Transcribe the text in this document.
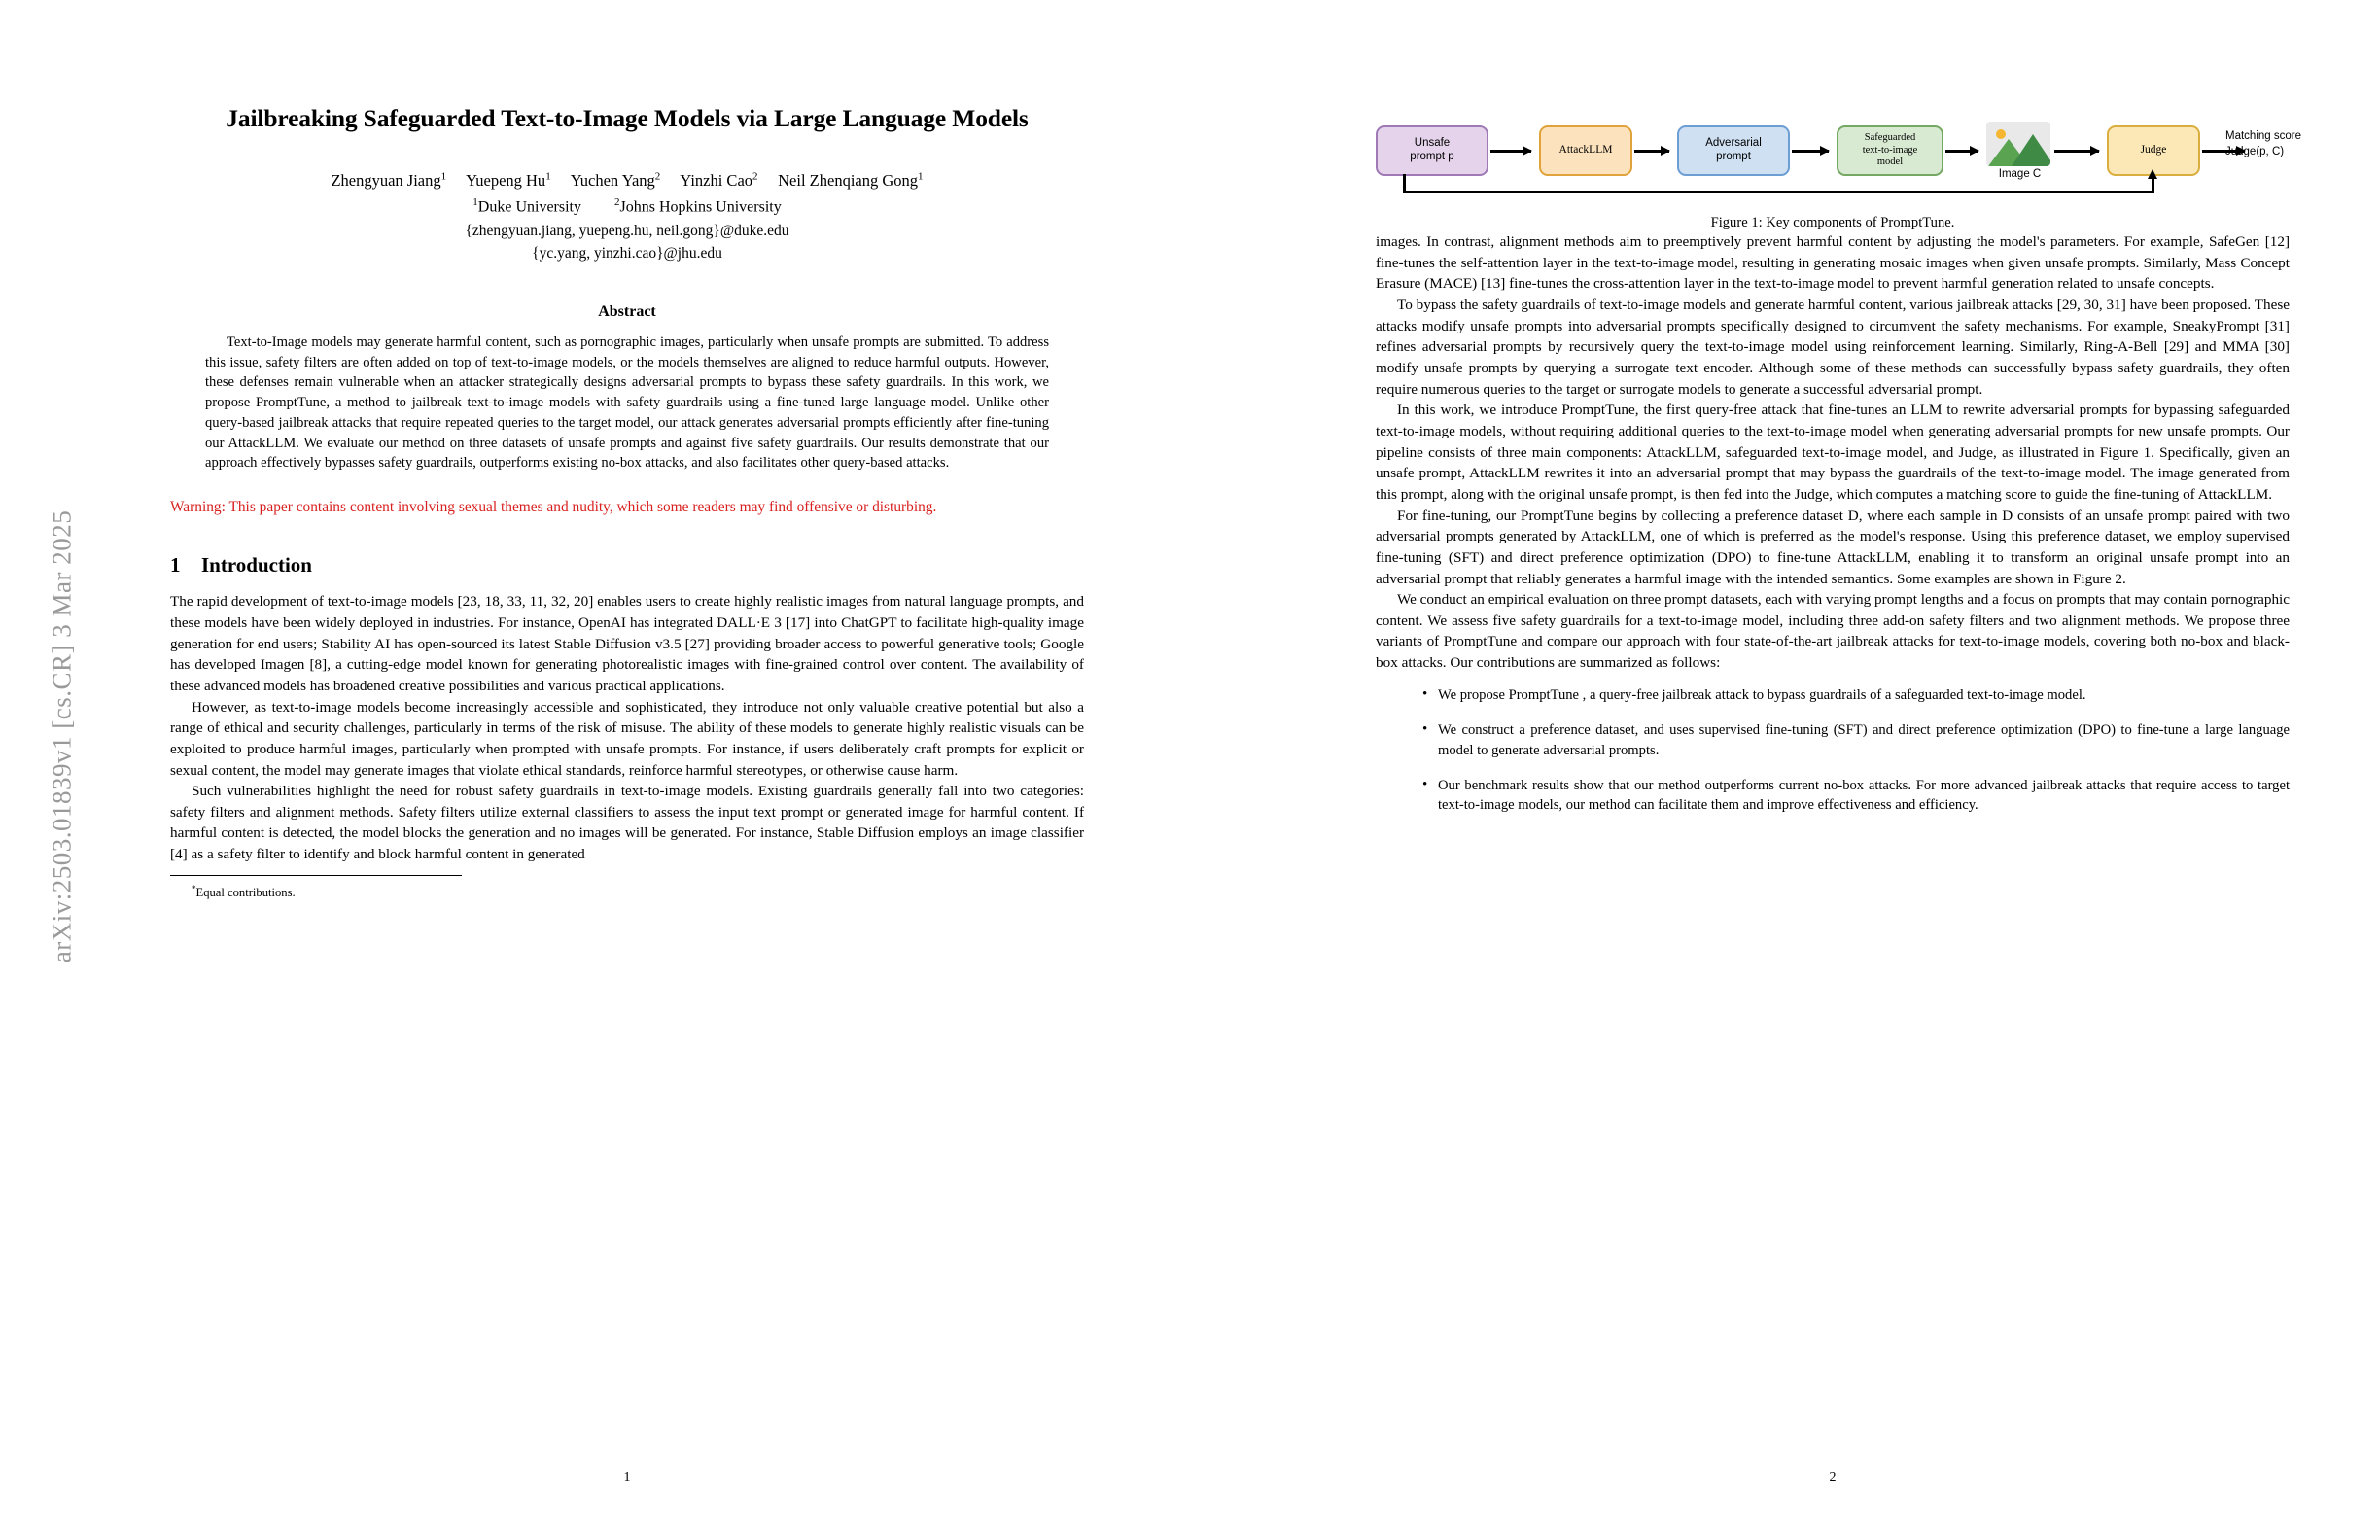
arXiv:2503.01839v1 [cs.CR] 3 Mar 2025
Jailbreaking Safeguarded Text-to-Image Models via Large Language Models
Zhengyuan Jiang$^1$ Yuepeng Hu$^1$ Yuchen Yang$^2$ Yinzhi Cao$^2$ Neil Zhenqiang Gong$^1$
$^1$Duke University	$^2$Johns Hopkins University
{zhengyuan.jiang, yuepeng.hu, neil.gong}@duke.edu
{yc.yang, yinzhi.cao}@jhu.edu
Abstract
Text-to-Image models may generate harmful content, such as pornographic images, particularly when unsafe prompts are submitted. To address this issue, safety filters are often added on top of text-to-image models, or the models themselves are aligned to reduce harmful outputs. However, these defenses remain vulnerable when an attacker strategically designs adversarial prompts to bypass these safety guardrails. In this work, we propose PromptTune, a method to jailbreak text-to-image models with safety guardrails using a fine-tuned large language model. Unlike other query-based jailbreak attacks that require repeated queries to the target model, our attack generates adversarial prompts efficiently after fine-tuning our AttackLLM. We evaluate our method on three datasets of unsafe prompts and against five safety guardrails. Our results demonstrate that our approach effectively bypasses safety guardrails, outperforms existing no-box attacks, and also facilitates other query-based attacks.
Warning: This paper contains content involving sexual themes and nudity, which some readers may find offensive or disturbing.
1 Introduction

The rapid development of text-to-image models [23, 18, 33, 11, 32, 20] enables users to create highly realistic images from natural language prompts, and these models have been widely deployed in industries. For instance, OpenAI has integrated DALL·E 3 [17] into ChatGPT to facilitate high-quality image generation for end users; Stability AI has open-sourced its latest Stable Diffusion v3.5 [27] providing broader access to powerful generative tools; Google has developed Imagen [8], a cutting-edge model known for generating photorealistic images with fine-grained control over content. The availability of these advanced models has broadened creative possibilities and various practical applications.

However, as text-to-image models become increasingly accessible and sophisticated, they introduce not only valuable creative potential but also a range of ethical and security challenges, particularly in terms of the risk of misuse. The ability of these models to generate highly realistic visuals can be exploited to produce harmful images, particularly when prompted with unsafe prompts. For instance, if users deliberately craft prompts for explicit or sexual content, the model may generate images that violate ethical standards, reinforce harmful stereotypes, or otherwise cause harm.

Such vulnerabilities highlight the need for robust safety guardrails in text-to-image models. Existing guardrails generally fall into two categories: safety filters and alignment methods. Safety filters utilize external classifiers to assess the input text prompt or generated image for harmful content. If harmful content is detected, the model blocks the generation and no images will be generated. For instance, Stable Diffusion employs an image classifier [4] as a safety filter to identify and block harmful content in generated

*Equal contributions.
1
Unsafe
prompt p
AttackLLM
Adversarial
prompt
Safeguarded
text-to-image
model
Image C
Judge
Matching score
Judge(p, C)
Figure 1: Key components of PromptTune.

images. In contrast, alignment methods aim to preemptively prevent harmful content by adjusting the model's parameters. For example, SafeGen [12] fine-tunes the self-attention layer in the text-to-image model, resulting in generating mosaic images when given unsafe prompts. Similarly, Mass Concept Erasure (MACE) [13] fine-tunes the cross-attention layer in the text-to-image model to prevent harmful generation related to unsafe concepts.

To bypass the safety guardrails of text-to-image models and generate harmful content, various jailbreak attacks [29, 30, 31] have been proposed. These attacks modify unsafe prompts into adversarial prompts specifically designed to circumvent the safety mechanisms. For example, SneakyPrompt [31] refines adversarial prompts by recursively query the text-to-image model using reinforcement learning. Similarly, Ring-A-Bell [29] and MMA [30] modify unsafe prompts by querying a surrogate text encoder. Although some of these methods can successfully bypass safety guardrails, they often require numerous queries to the target or surrogate models to generate a successful adversarial prompt.

In this work, we introduce PromptTune, the first query-free attack that fine-tunes an LLM to rewrite adversarial prompts for bypassing safeguarded text-to-image models, without requiring additional queries to the text-to-image model when generating adversarial prompts for new unsafe prompts. Our pipeline consists of three main components: AttackLLM, safeguarded text-to-image model, and Judge, as illustrated in Figure 1. Specifically, given an unsafe prompt, AttackLLM rewrites it into an adversarial prompt that may bypass the guardrails of the text-to-image model. The image generated from this prompt, along with the original unsafe prompt, is then fed into the Judge, which computes a matching score to guide the fine-tuning of AttackLLM.

For fine-tuning, our PromptTune begins by collecting a preference dataset D, where each sample in D consists of an unsafe prompt paired with two adversarial prompts generated by AttackLLM, one of which is preferred as the model's response. Using this preference dataset, we employ supervised fine-tuning (SFT) and direct preference optimization (DPO) to fine-tune AttackLLM, enabling it to transform an original unsafe prompt into an adversarial prompt that reliably generates a harmful image with the intended semantics. Some examples are shown in Figure 2.

We conduct an empirical evaluation on three prompt datasets, each with varying prompt lengths and a focus on prompts that may contain pornographic content. We assess five safety guardrails for a text-to-image model, including three add-on safety filters and two alignment methods. We propose three variants of PromptTune and compare our approach with four state-of-the-art jailbreak attacks for text-to-image models, covering both no-box and black-box attacks. Our contributions are summarized as follows:

• We propose PromptTune , a query-free jailbreak attack to bypass guardrails of a safeguarded text-to-image model.
• We construct a preference dataset, and uses supervised fine-tuning (SFT) and direct preference optimization (DPO) to fine-tune a large language model to generate adversarial prompts.
• Our benchmark results show that our method outperforms current no-box attacks. For more advanced jailbreak attacks that require access to target text-to-image models, our method can facilitate them and improve effectiveness and efficiency.
2
